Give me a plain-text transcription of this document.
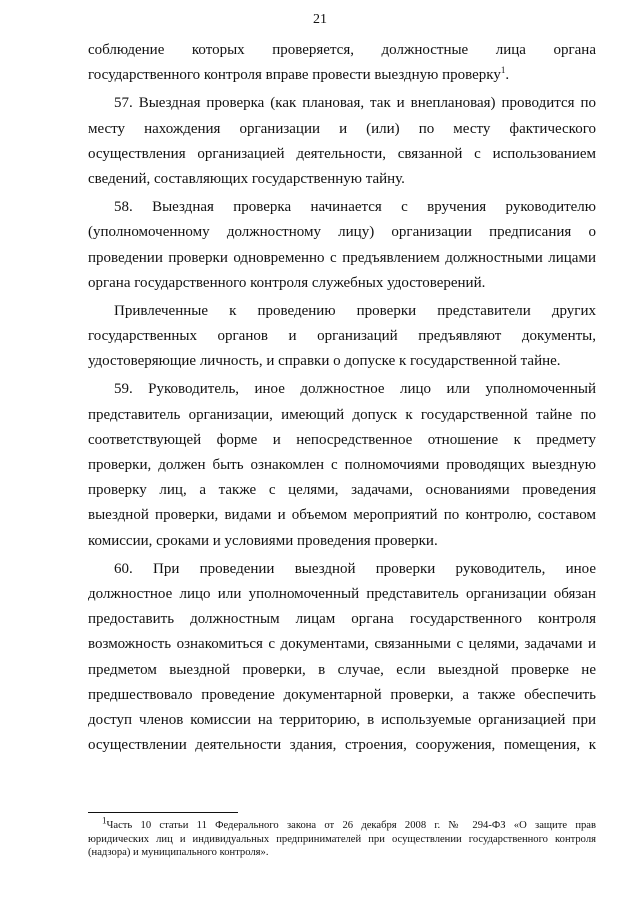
21
соблюдение которых проверяется, должностные лица органа
государственного контроля вправе провести выездную проверку$^1$.
57. Выездная проверка (как плановая, так и внеплановая) проводится по
месту нахождения организации и (или) по месту фактического
осуществления организацией деятельности, связанной с использованием
сведений, составляющих государственную тайну.
58. Выездная проверка начинается с вручения руководителю
(уполномоченному должностному лицу) организации предписания о
проведении проверки одновременно с предъявлением должностными лицами
органа государственного контроля служебных удостоверений.
Привлеченные к проведению проверки представители других
государственных органов и организаций предъявляют документы,
удостоверяющие личность, и справки о допуске к государственной тайне.
59. Руководитель, иное должностное лицо или уполномоченный
представитель организации, имеющий допуск к государственной тайне по
соответствующей форме и непосредственное отношение к предмету
проверки, должен быть ознакомлен с полномочиями проводящих выездную
проверку лиц, а также с целями, задачами, основаниями проведения
выездной проверки, видами и объемом мероприятий по контролю, составом
комиссии, сроками и условиями проведения проверки.
60. При проведении выездной проверки руководитель, иное
должностное лицо или уполномоченный представитель организации обязан
предоставить должностным лицам органа государственного контроля
возможность ознакомиться с документами, связанными с целями, задачами и
предметом выездной проверки, в случае, если выездной проверке не
предшествовало проведение документарной проверки, а также обеспечить
доступ членов комиссии на территорию, в используемые организацией при
осуществлении деятельности здания, строения, сооружения, помещения, к
$^1$Часть 10 статьи 11 Федерального закона от 26 декабря 2008 г. № 294-ФЗ «О защите прав
юридических лиц и индивидуальных предпринимателей при осуществлении государственного контроля
(надзора) и муниципального контроля».
